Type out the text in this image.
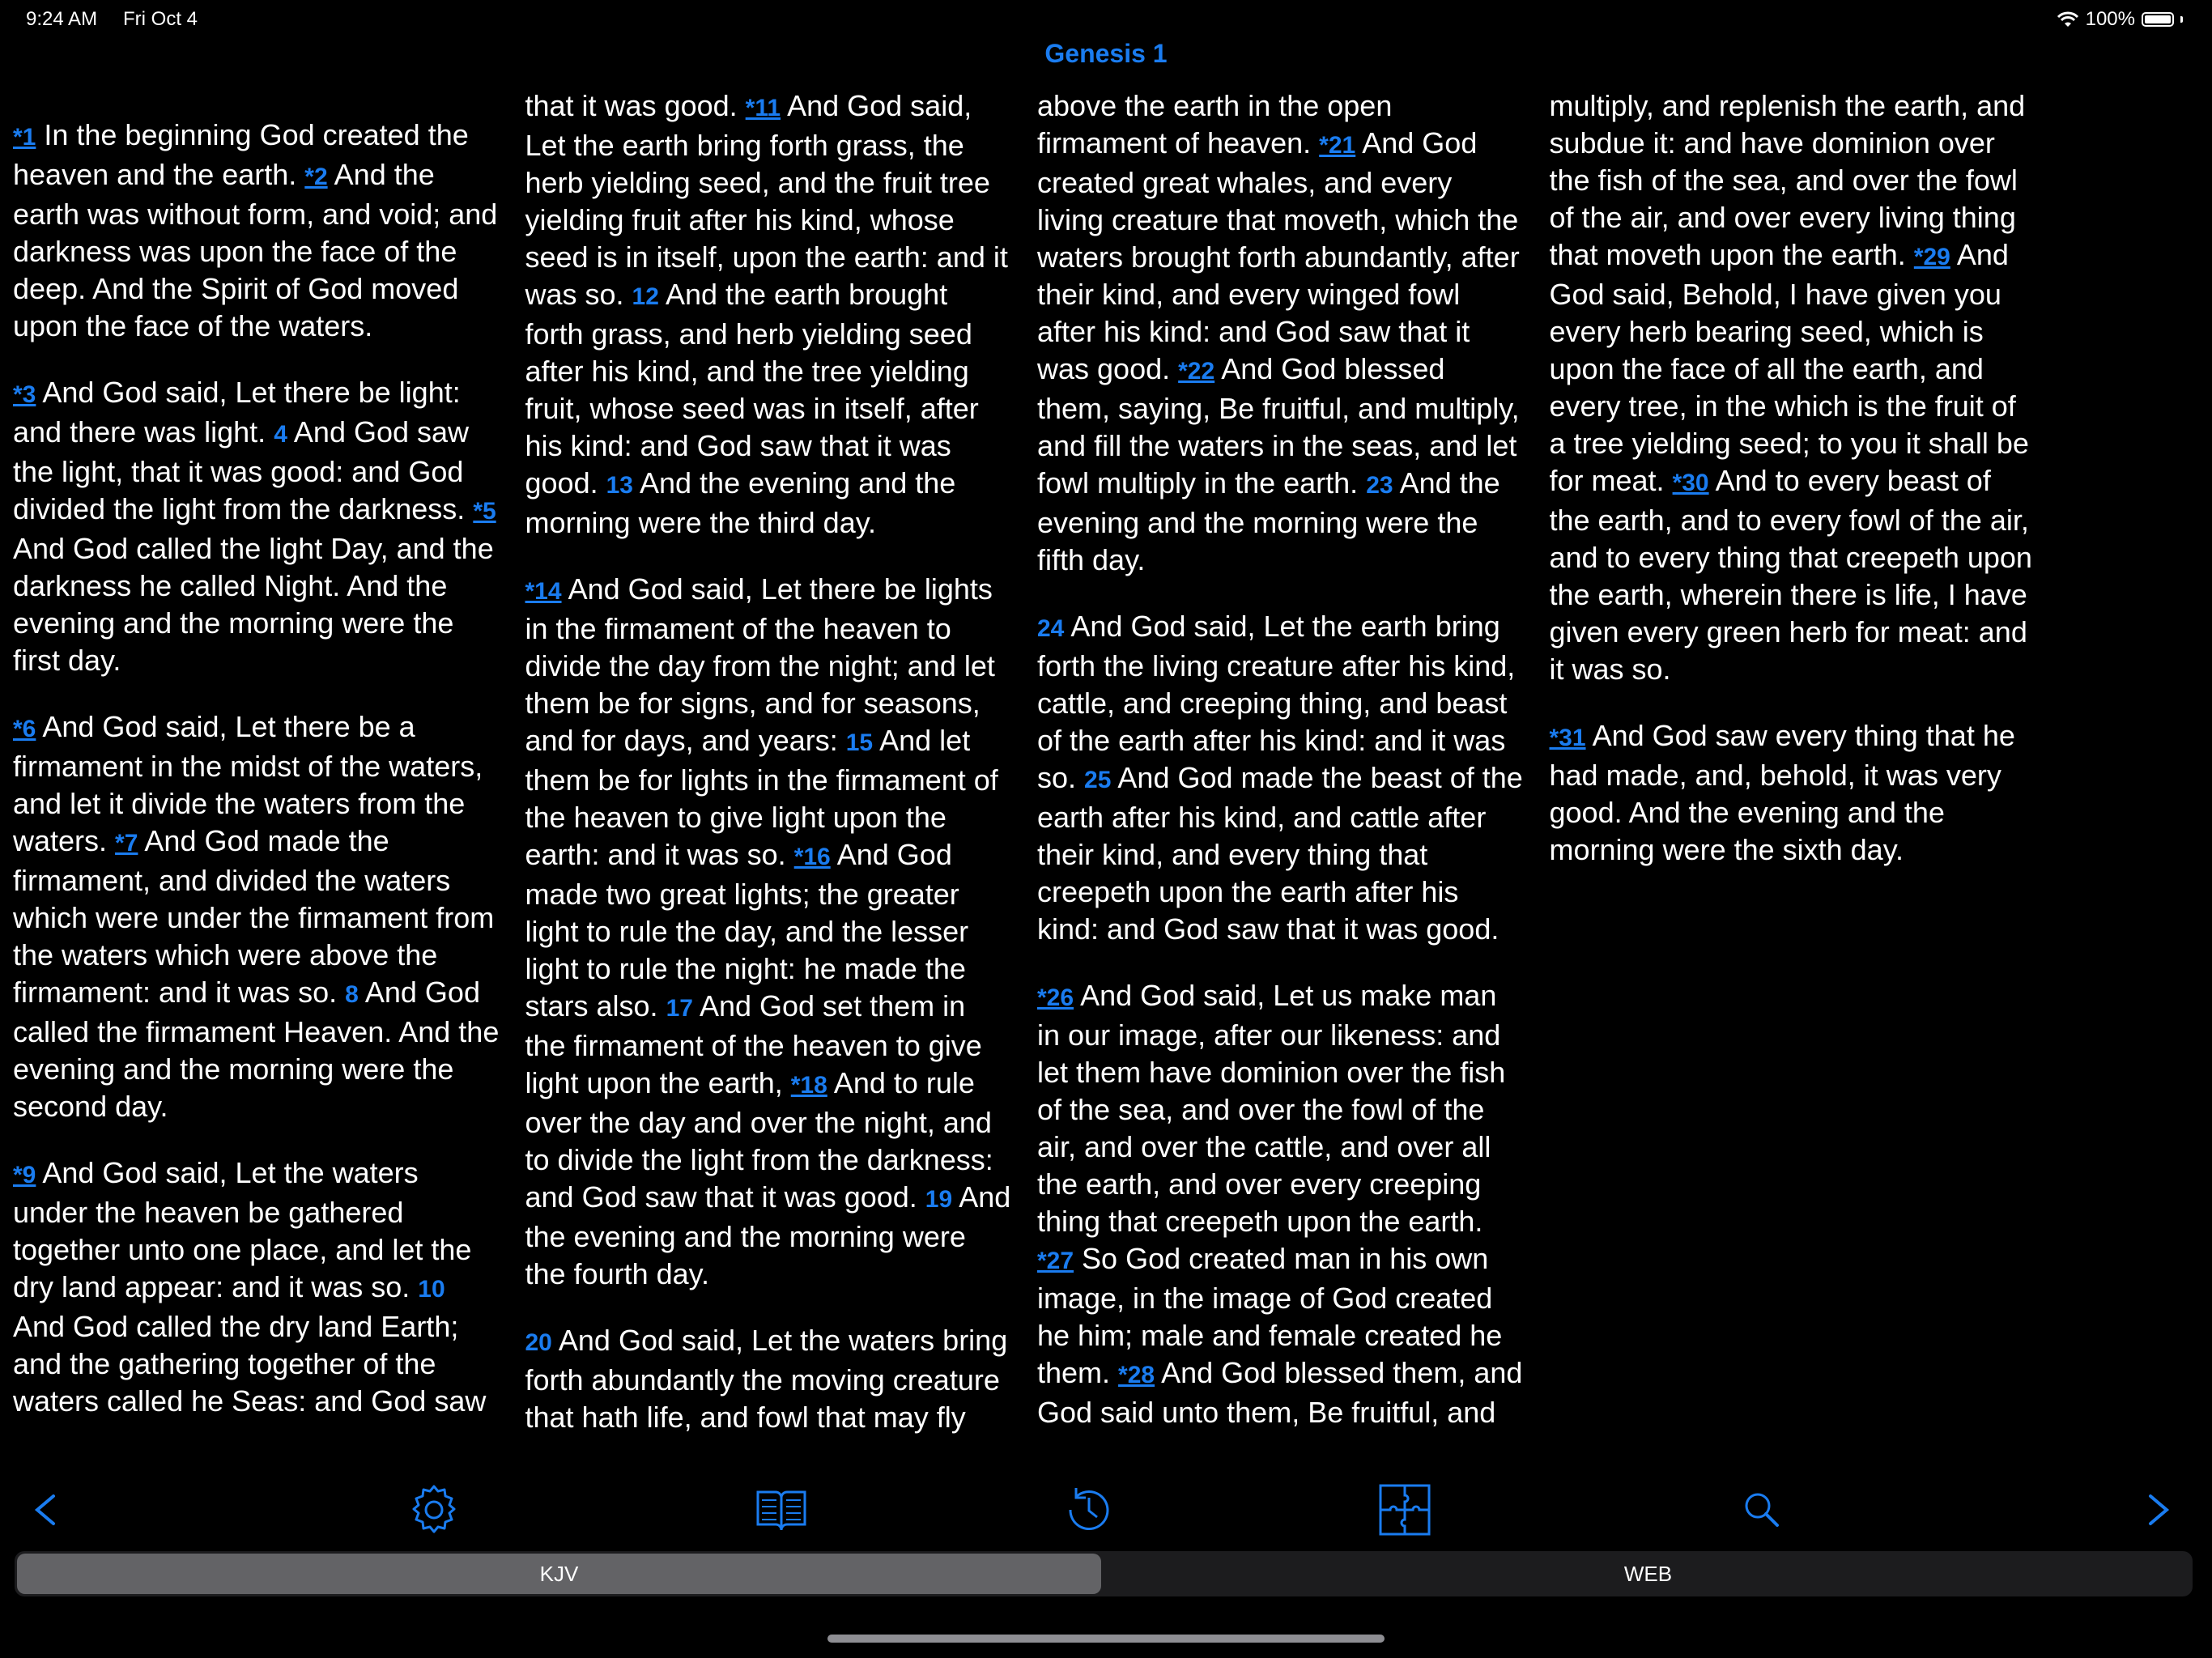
9:24 AM Fri Oct 4	100%
Genesis 1

*1 In the beginning God created the heaven and the earth. *2 And the earth was without form, and void; and darkness was upon the face of the deep. And the Spirit of God moved upon the face of the waters.

*3 And God said, Let there be light: and there was light. 4 And God saw the light, that it was good: and God divided the light from the darkness. *5 And God called the light Day, and the darkness he called Night. And the evening and the morning were the first day.

*6 And God said, Let there be a firmament in the midst of the waters, and let it divide the waters from the waters. *7 And God made the firmament, and divided the waters which were under the firmament from the waters which were above the firmament: and it was so. 8 And God called the firmament Heaven. And the evening and the morning were the second day.

*9 And God said, Let the waters under the heaven be gathered together unto one place, and let the dry land appear: and it was so. 10 And God called the dry land Earth; and the gathering together of the waters called he Seas: and God saw that it was good. *11 And God said, Let the earth bring forth grass, the herb yielding seed, and the fruit tree yielding fruit after his kind, whose seed is in itself, upon the earth: and it was so. 12 And the earth brought forth grass, and herb yielding seed after his kind, and the tree yielding fruit, whose seed was in itself, after his kind: and God saw that it was good. 13 And the evening and the morning were the third day.

*14 And God said, Let there be lights in the firmament of the heaven to divide the day from the night; and let them be for signs, and for seasons, and for days, and years: 15 And let them be for lights in the firmament of the heaven to give light upon the earth: and it was so. *16 And God made two great lights; the greater light to rule the day, and the lesser light to rule the night: he made the stars also. 17 And God set them in the firmament of the heaven to give light upon the earth, *18 And to rule over the day and over the night, and to divide the light from the darkness: and God saw that it was good. 19 And the evening and the morning were the fourth day.

20 And God said, Let the waters bring forth abundantly the moving creature that hath life, and fowl that may fly above the earth in the open firmament of heaven. *21 And God created great whales, and every living creature that moveth, which the waters brought forth abundantly, after their kind, and every winged fowl after his kind: and God saw that it was good. *22 And God blessed them, saying, Be fruitful, and multiply, and fill the waters in the seas, and let fowl multiply in the earth. 23 And the evening and the morning were the fifth day.

24 And God said, Let the earth bring forth the living creature after his kind, cattle, and creeping thing, and beast of the earth after his kind: and it was so. 25 And God made the beast of the earth after his kind, and cattle after their kind, and every thing that creepeth upon the earth after his kind: and God saw that it was good.

*26 And God said, Let us make man in our image, after our likeness: and let them have dominion over the fish of the sea, and over the fowl of the air, and over the cattle, and over all the earth, and over every creeping thing that creepeth upon the earth. *27 So God created man in his own image, in the image of God created he him; male and female created he them. *28 And God blessed them, and God said unto them, Be fruitful, and multiply, and replenish the earth, and subdue it: and have dominion over the fish of the sea, and over the fowl of the air, and over every living thing that moveth upon the earth. *29 And God said, Behold, I have given you every herb bearing seed, which is upon the face of all the earth, and every tree, in the which is the fruit of a tree yielding seed; to you it shall be for meat. *30 And to every beast of the earth, and to every fowl of the air, and to every thing that creepeth upon the earth, wherein there is life, I have given every green herb for meat: and it was so.

*31 And God saw every thing that he had made, and, behold, it was very good. And the evening and the morning were the sixth day.

KJV	WEB
